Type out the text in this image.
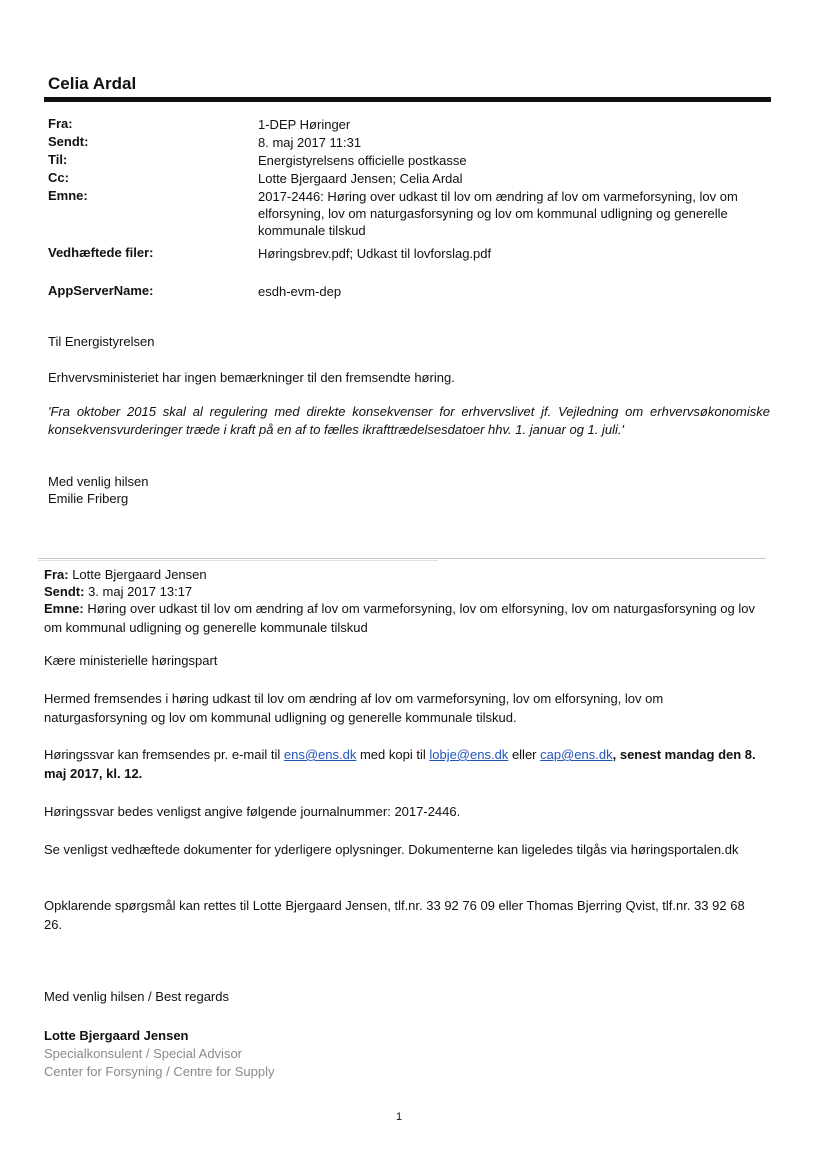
Celia Ardal
Fra:	1-DEP Høringer
Sendt:	8. maj 2017 11:31
Til:	Energistyrelsens officielle postkasse
Cc:	Lotte Bjergaard Jensen; Celia Ardal
Emne:	2017-2446: Høring over udkast til lov om ændring af lov om varmeforsyning, lov om elforsyning, lov om naturgasforsyning og lov om kommunal udligning og generelle kommunale tilskud
Vedhæftede filer:	Høringsbrev.pdf; Udkast til lovforslag.pdf
AppServerName:	esdh-evm-dep
Til Energistyrelsen
Erhvervsministeriet har ingen bemærkninger til den fremsendte høring.
'Fra oktober 2015 skal al regulering med direkte konsekvenser for erhvervslivet jf. Vejledning om erhvervsøkonomiske konsekvensvurderinger træde i kraft på en af to fælles ikrafttrædelsesdatoer hhv. 1. januar og 1. juli.'
Med venlig hilsen
Emilie Friberg
Fra: Lotte Bjergaard Jensen
Sendt: 3. maj 2017 13:17
Emne: Høring over udkast til lov om ændring af lov om varmeforsyning, lov om elforsyning, lov om naturgasforsyning og lov om kommunal udligning og generelle kommunale tilskud
Kære ministerielle høringspart
Hermed fremsendes i høring udkast til lov om ændring af lov om varmeforsyning, lov om elforsyning, lov om naturgasforsyning og lov om kommunal udligning og generelle kommunale tilskud.
Høringssvar kan fremsendes pr. e-mail til ens@ens.dk med kopi til lobje@ens.dk eller cap@ens.dk, senest mandag den 8. maj 2017, kl. 12.
Høringssvar bedes venligst angive følgende journalnummer: 2017-2446.
Se venligst vedhæftede dokumenter for yderligere oplysninger. Dokumenterne kan ligeledes tilgås via høringsportalen.dk
Opklarende spørgsmål kan rettes til Lotte Bjergaard Jensen, tlf.nr. 33 92 76 09 eller Thomas Bjerring Qvist, tlf.nr. 33 92 68 26.
Med venlig hilsen / Best regards
Lotte Bjergaard Jensen
Specialkonsulent / Special Advisor
Center for Forsyning / Centre for Supply
1
